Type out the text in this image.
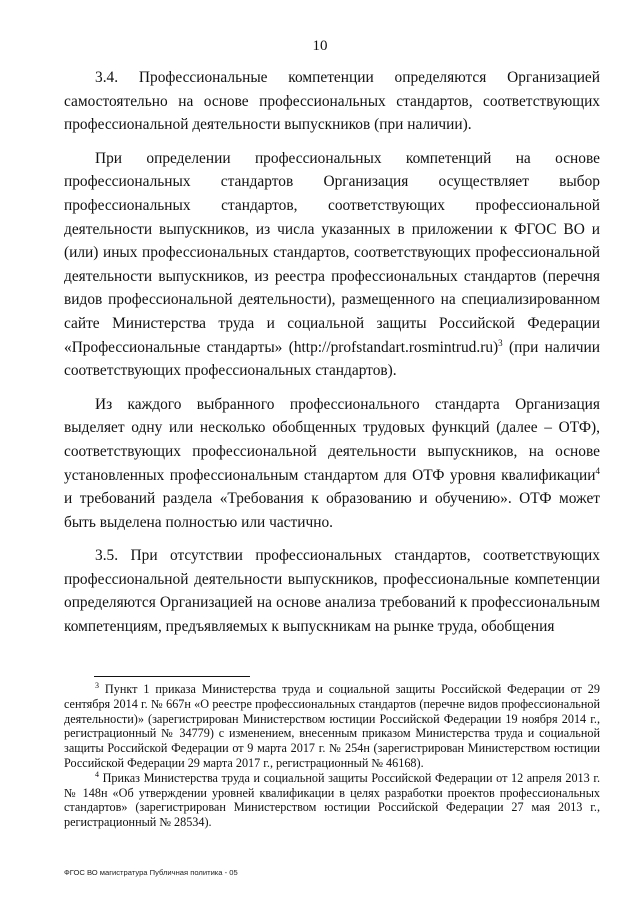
10

3.4. Профессиональные компетенции определяются Организацией самостоятельно на основе профессиональных стандартов, соответствующих профессиональной деятельности выпускников (при наличии).

При определении профессиональных компетенций на основе профессиональных стандартов Организация осуществляет выбор профессиональных стандартов, соответствующих профессиональной деятельности выпускников, из числа указанных в приложении к ФГОС ВО и (или) иных профессиональных стандартов, соответствующих профессиональной деятельности выпускников, из реестра профессиональных стандартов (перечня видов профессиональной деятельности), размещенного на специализированном сайте Министерства труда и социальной защиты Российской Федерации «Профессиональные стандарты» (http://profstandart.rosmintrud.ru)$^3$ (при наличии соответствующих профессиональных стандартов).

Из каждого выбранного профессионального стандарта Организация выделяет одну или несколько обобщенных трудовых функций (далее – ОТФ), соответствующих профессиональной деятельности выпускников, на основе установленных профессиональным стандартом для ОТФ уровня квалификации$^4$ и требований раздела «Требования к образованию и обучению». ОТФ может быть выделена полностью или частично.

3.5. При отсутствии профессиональных стандартов, соответствующих профессиональной деятельности выпускников, профессиональные компетенции определяются Организацией на основе анализа требований к профессиональным компетенциям, предъявляемых к выпускникам на рынке труда, обобщения

$^3$ Пункт 1 приказа Министерства труда и социальной защиты Российской Федерации от 29 сентября 2014 г. № 667н «О реестре профессиональных стандартов (перечне видов профессиональной деятельности)» (зарегистрирован Министерством юстиции Российской Федерации 19 ноября 2014 г., регистрационный № 34779) с изменением, внесенным приказом Министерства труда и социальной защиты Российской Федерации от 9 марта 2017 г. № 254н (зарегистрирован Министерством юстиции Российской Федерации 29 марта 2017 г., регистрационный № 46168).

$^4$ Приказ Министерства труда и социальной защиты Российской Федерации от 12 апреля 2013 г. № 148н «Об утверждении уровней квалификации в целях разработки проектов профессиональных стандартов» (зарегистрирован Министерством юстиции Российской Федерации 27 мая 2013 г., регистрационный № 28534).

ФГОС ВО магистратура Публичная политика - 05
